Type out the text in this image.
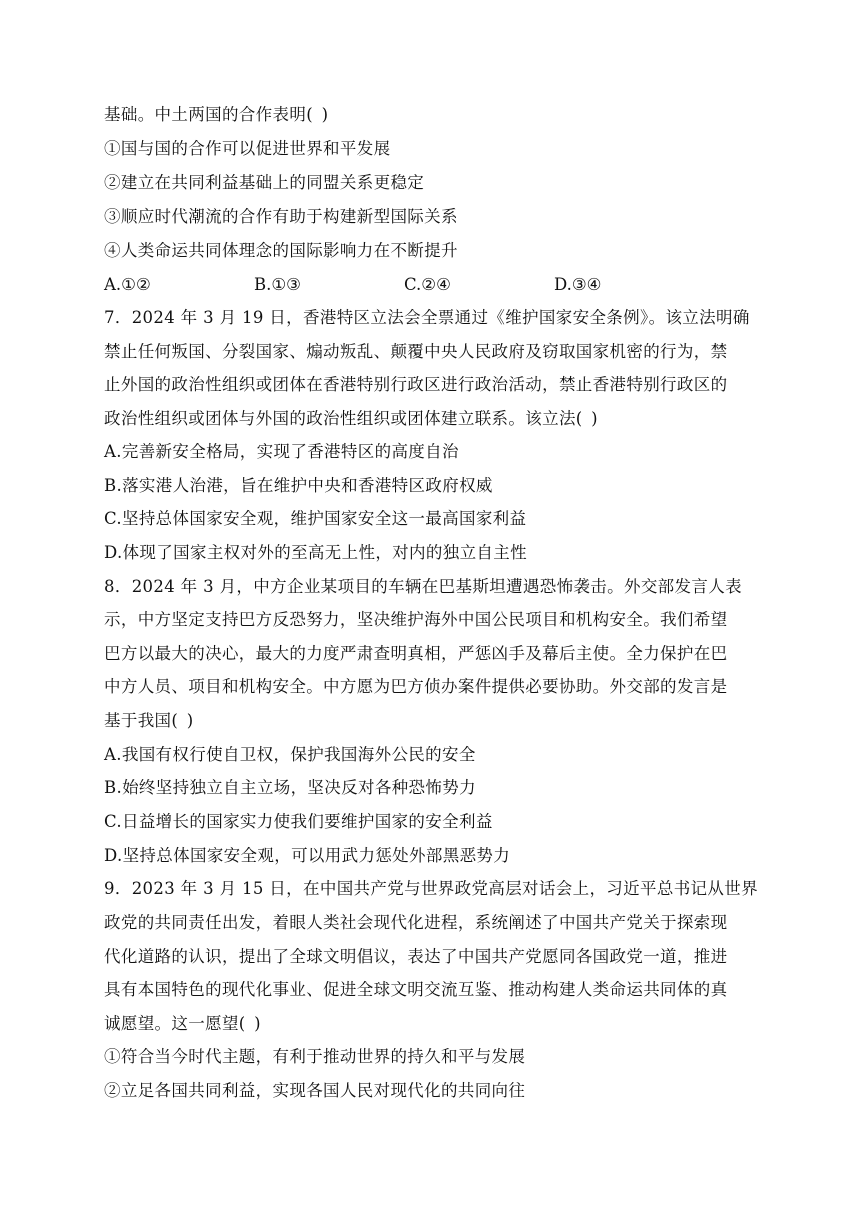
基础。中土两国的合作表明( )
①国与国的合作可以促进世界和平发展
②建立在共同利益基础上的同盟关系更稳定
③顺应时代潮流的合作有助于构建新型国际关系
④人类命运共同体理念的国际影响力在不断提升
A.①②	B.①③	C.②④	D.③④
7．2024 年 3 月 19 日，香港特区立法会全票通过《维护国家安全条例》。该立法明确
禁止任何叛国、分裂国家、煽动叛乱、颠覆中央人民政府及窃取国家机密的行为，禁
止外国的政治性组织或团体在香港特别行政区进行政治活动，禁止香港特别行政区的
政治性组织或团体与外国的政治性组织或团体建立联系。该立法( )
A.完善新安全格局，实现了香港特区的高度自治
B.落实港人治港，旨在维护中央和香港特区政府权威
C.坚持总体国家安全观，维护国家安全这一最高国家利益
D.体现了国家主权对外的至高无上性，对内的独立自主性
8．2024 年 3 月，中方企业某项目的车辆在巴基斯坦遭遇恐怖袭击。外交部发言人表
示，中方坚定支持巴方反恐努力，坚决维护海外中国公民项目和机构安全。我们希望
巴方以最大的决心，最大的力度严肃查明真相，严惩凶手及幕后主使。全力保护在巴
中方人员、项目和机构安全。中方愿为巴方侦办案件提供必要协助。外交部的发言是
基于我国( )
A.我国有权行使自卫权，保护我国海外公民的安全
B.始终坚持独立自主立场，坚决反对各种恐怖势力
C.日益增长的国家实力使我们要维护国家的安全利益
D.坚持总体国家安全观，可以用武力惩处外部黑恶势力
9．2023 年 3 月 15 日，在中国共产党与世界政党高层对话会上，习近平总书记从世界
政党的共同责任出发，着眼人类社会现代化进程，系统阐述了中国共产党关于探索现
代化道路的认识，提出了全球文明倡议，表达了中国共产党愿同各国政党一道，推进
具有本国特色的现代化事业、促进全球文明交流互鉴、推动构建人类命运共同体的真
诚愿望。这一愿望( )
①符合当今时代主题，有利于推动世界的持久和平与发展
②立足各国共同利益，实现各国人民对现代化的共同向往
